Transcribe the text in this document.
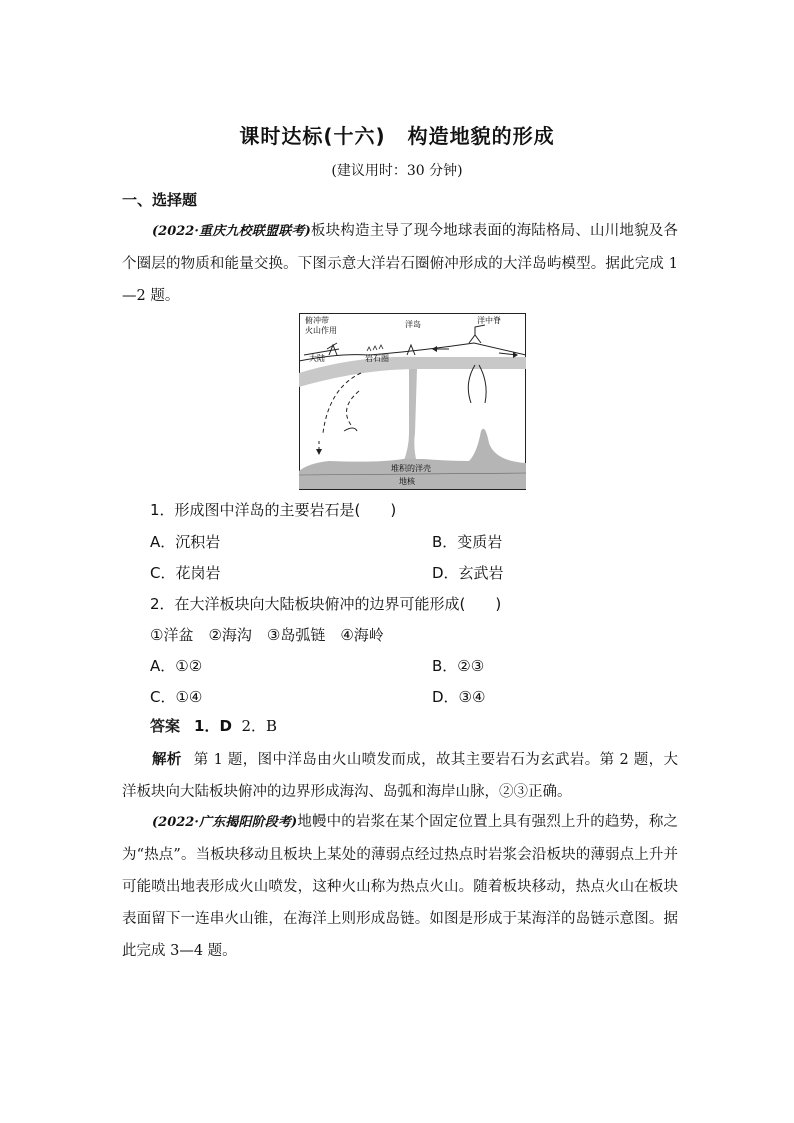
课时达标(十六) 构造地貌的形成
(建议用时：30 分钟)
一、选择题
(2022·重庆九校联盟联考)板块构造主导了现今地球表面的海陆格局、山川地貌及各个圈层的物质和能量交换。下图示意大洋岩石圈俯冲形成的大洋岛屿模型。据此完成 1—2 题。
俯冲带
火山作用
大陆	岩石圈
洋岛	洋中脊
堆积的洋壳
地核
1．形成图中洋岛的主要岩石是(　　)
A．沉积岩	B．变质岩
C．花岗岩	D．玄武岩
2．在大洋板块向大陆板块俯冲的边界可能形成(　　)
①洋盆　②海沟　③岛弧链　④海岭
A．①②	B．②③
C．①④	D．③④
答案 1．D 2．B
解析 第 1 题，图中洋岛由火山喷发而成，故其主要岩石为玄武岩。第 2 题，大洋板块向大陆板块俯冲的边界形成海沟、岛弧和海岸山脉，②③正确。
(2022·广东揭阳阶段考)地幔中的岩浆在某个固定位置上具有强烈上升的趋势，称之为“热点”。当板块移动且板块上某处的薄弱点经过热点时岩浆会沿板块的薄弱点上升并可能喷出地表形成火山喷发，这种火山称为热点火山。随着板块移动，热点火山在板块表面留下一连串火山锥，在海洋上则形成岛链。如图是形成于某海洋的岛链示意图。据此完成 3—4 题。
